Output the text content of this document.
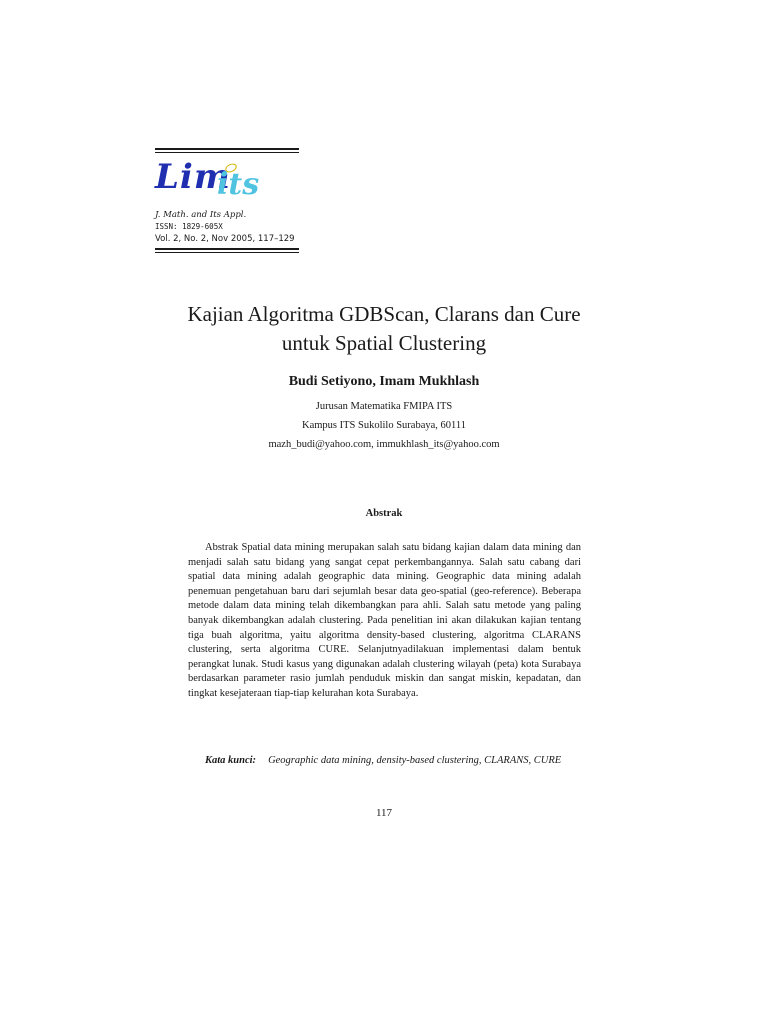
Lim
its
J. Math. and Its Appl.
ISSN: 1829-605X
Vol. 2, No. 2, Nov 2005, 117–129
Kajian Algoritma GDBScan, Clarans dan Cure
untuk Spatial Clustering
Budi Setiyono, Imam Mukhlash
Jurusan Matematika FMIPA ITS
Kampus ITS Sukolilo Surabaya, 60111
mazh_budi@yahoo.com, immukhlash_its@yahoo.com
Abstrak
Abstrak Spatial data mining merupakan salah satu bidang kajian dalam data mining dan menjadi salah satu bidang yang sangat cepat perkembangannya. Salah satu cabang dari spatial data mining adalah geographic data mining. Geographic data mining adalah penemuan pengetahuan baru dari sejumlah besar data geo-spatial (geo-reference). Beberapa metode dalam data mining telah dikembangkan para ahli. Salah satu metode yang paling banyak dikembangkan adalah clustering. Pada penelitian ini akan dilakukan kajian tentang tiga buah algoritma, yaitu algoritma density-based clustering, algoritma CLARANS clustering, serta algoritma CURE. Selanjutnyadilakuan implementasi dalam bentuk perangkat lunak. Studi kasus yang digunakan adalah clustering wilayah (peta) kota Surabaya berdasarkan parameter rasio jumlah penduduk miskin dan sangat miskin, kepadatan, dan tingkat kesejateraan tiap-tiap kelurahan kota Surabaya.
Kata kunci: Geographic data mining, density-based clustering, CLARANS, CURE
117
